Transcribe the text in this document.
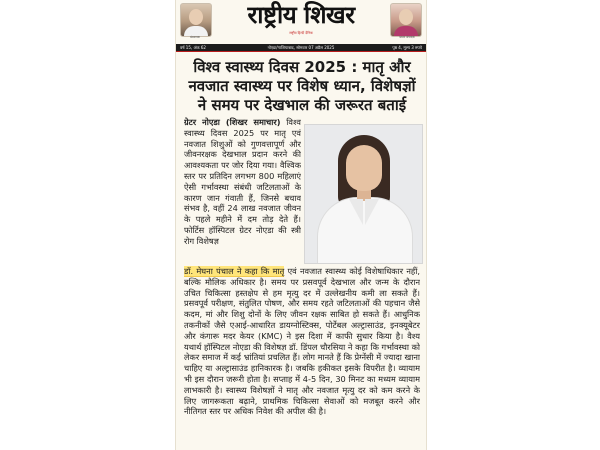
संस्थापक
राष्ट्रीय शिखर
राष्ट्रीय हिन्दी दैनिक
प्रधान संपादक
वर्ष 15, अंक 62	नोएडा/गाजियाबाद, सोमवार 07 अप्रैल 2025	पृष्ठ 4, मूल्य 3 रुपये
विश्व स्वास्थ्य दिवस 2025 : मातृ और नवजात स्वास्थ्य पर विशेष ध्यान, विशेषज्ञों ने समय पर देखभाल की जरूरत बताई
ग्रेटर नोएडा (शिखर समाचार) विश्व स्वास्थ्य दिवस 2025 पर मातृ एवं नवजात शिशुओं को गुणवत्तापूर्ण और जीवनरक्षक देखभाल प्रदान करने की आवश्यकता पर जोर दिया गया। वैश्विक स्तर पर प्रतिदिन लगभग 800 महिलाएं ऐसी गर्भावस्था संबंधी जटिलताओं के कारण जान गंवाती हैं, जिनसे बचाव संभव है, वहीं 24 लाख नवजात जीवन के पहले महीने में दम तोड़ देते हैं। फोर्टिस हॉस्पिटल ग्रेटर नोएडा की स्त्री रोग विशेषज्ञ
डॉ. मेघना पंचाल ने कहा कि मातृ एवं नवजात स्वास्थ्य कोई विशेषाधिकार नहीं, बल्कि मौलिक अधिकार है। समय पर प्रसवपूर्व देखभाल और जन्म के दौरान उचित चिकित्सा हस्तक्षेप से हम मृत्यु दर में उल्लेखनीय कमी ला सकते हैं। प्रसवपूर्व परीक्षण, संतुलित पोषण, और समय रहते जटिलताओं की पहचान जैसे कदम, मां और शिशु दोनों के लिए जीवन रक्षक साबित हो सकते हैं। आधुनिक तकनीकों जैसे एआई-आधारित डायग्नोस्टिक्स, पोर्टेबल अल्ट्रासाउंड, इनक्यूबेटर और कंगारू मदर केयर (KMC) ने इस दिशा में काफी सुधार किया है। वैश्य यथार्थ हॉस्पिटल नोएडा की विशेषज्ञ डॉ. डिंपल चौरसिया ने कहा कि गर्भावस्था को लेकर समाज में कई भ्रांतियां प्रचलित हैं। लोग मानते हैं कि प्रेग्नेंसी में ज्यादा खाना चाहिए या अल्ट्रासाउंड हानिकारक है। जबकि हकीकत इसके विपरीत है। व्यायाम भी इस दौरान जरूरी होता है। सप्ताह में 4-5 दिन, 30 मिनट का मध्यम व्यायाम लाभकारी है। स्वास्थ्य विशेषज्ञों ने मातृ और नवजात मृत्यु दर को कम करने के लिए जागरूकता बढ़ाने, प्राथमिक चिकित्सा सेवाओं को मजबूत करने और नीतिगत स्तर पर अधिक निवेश की अपील की है।
